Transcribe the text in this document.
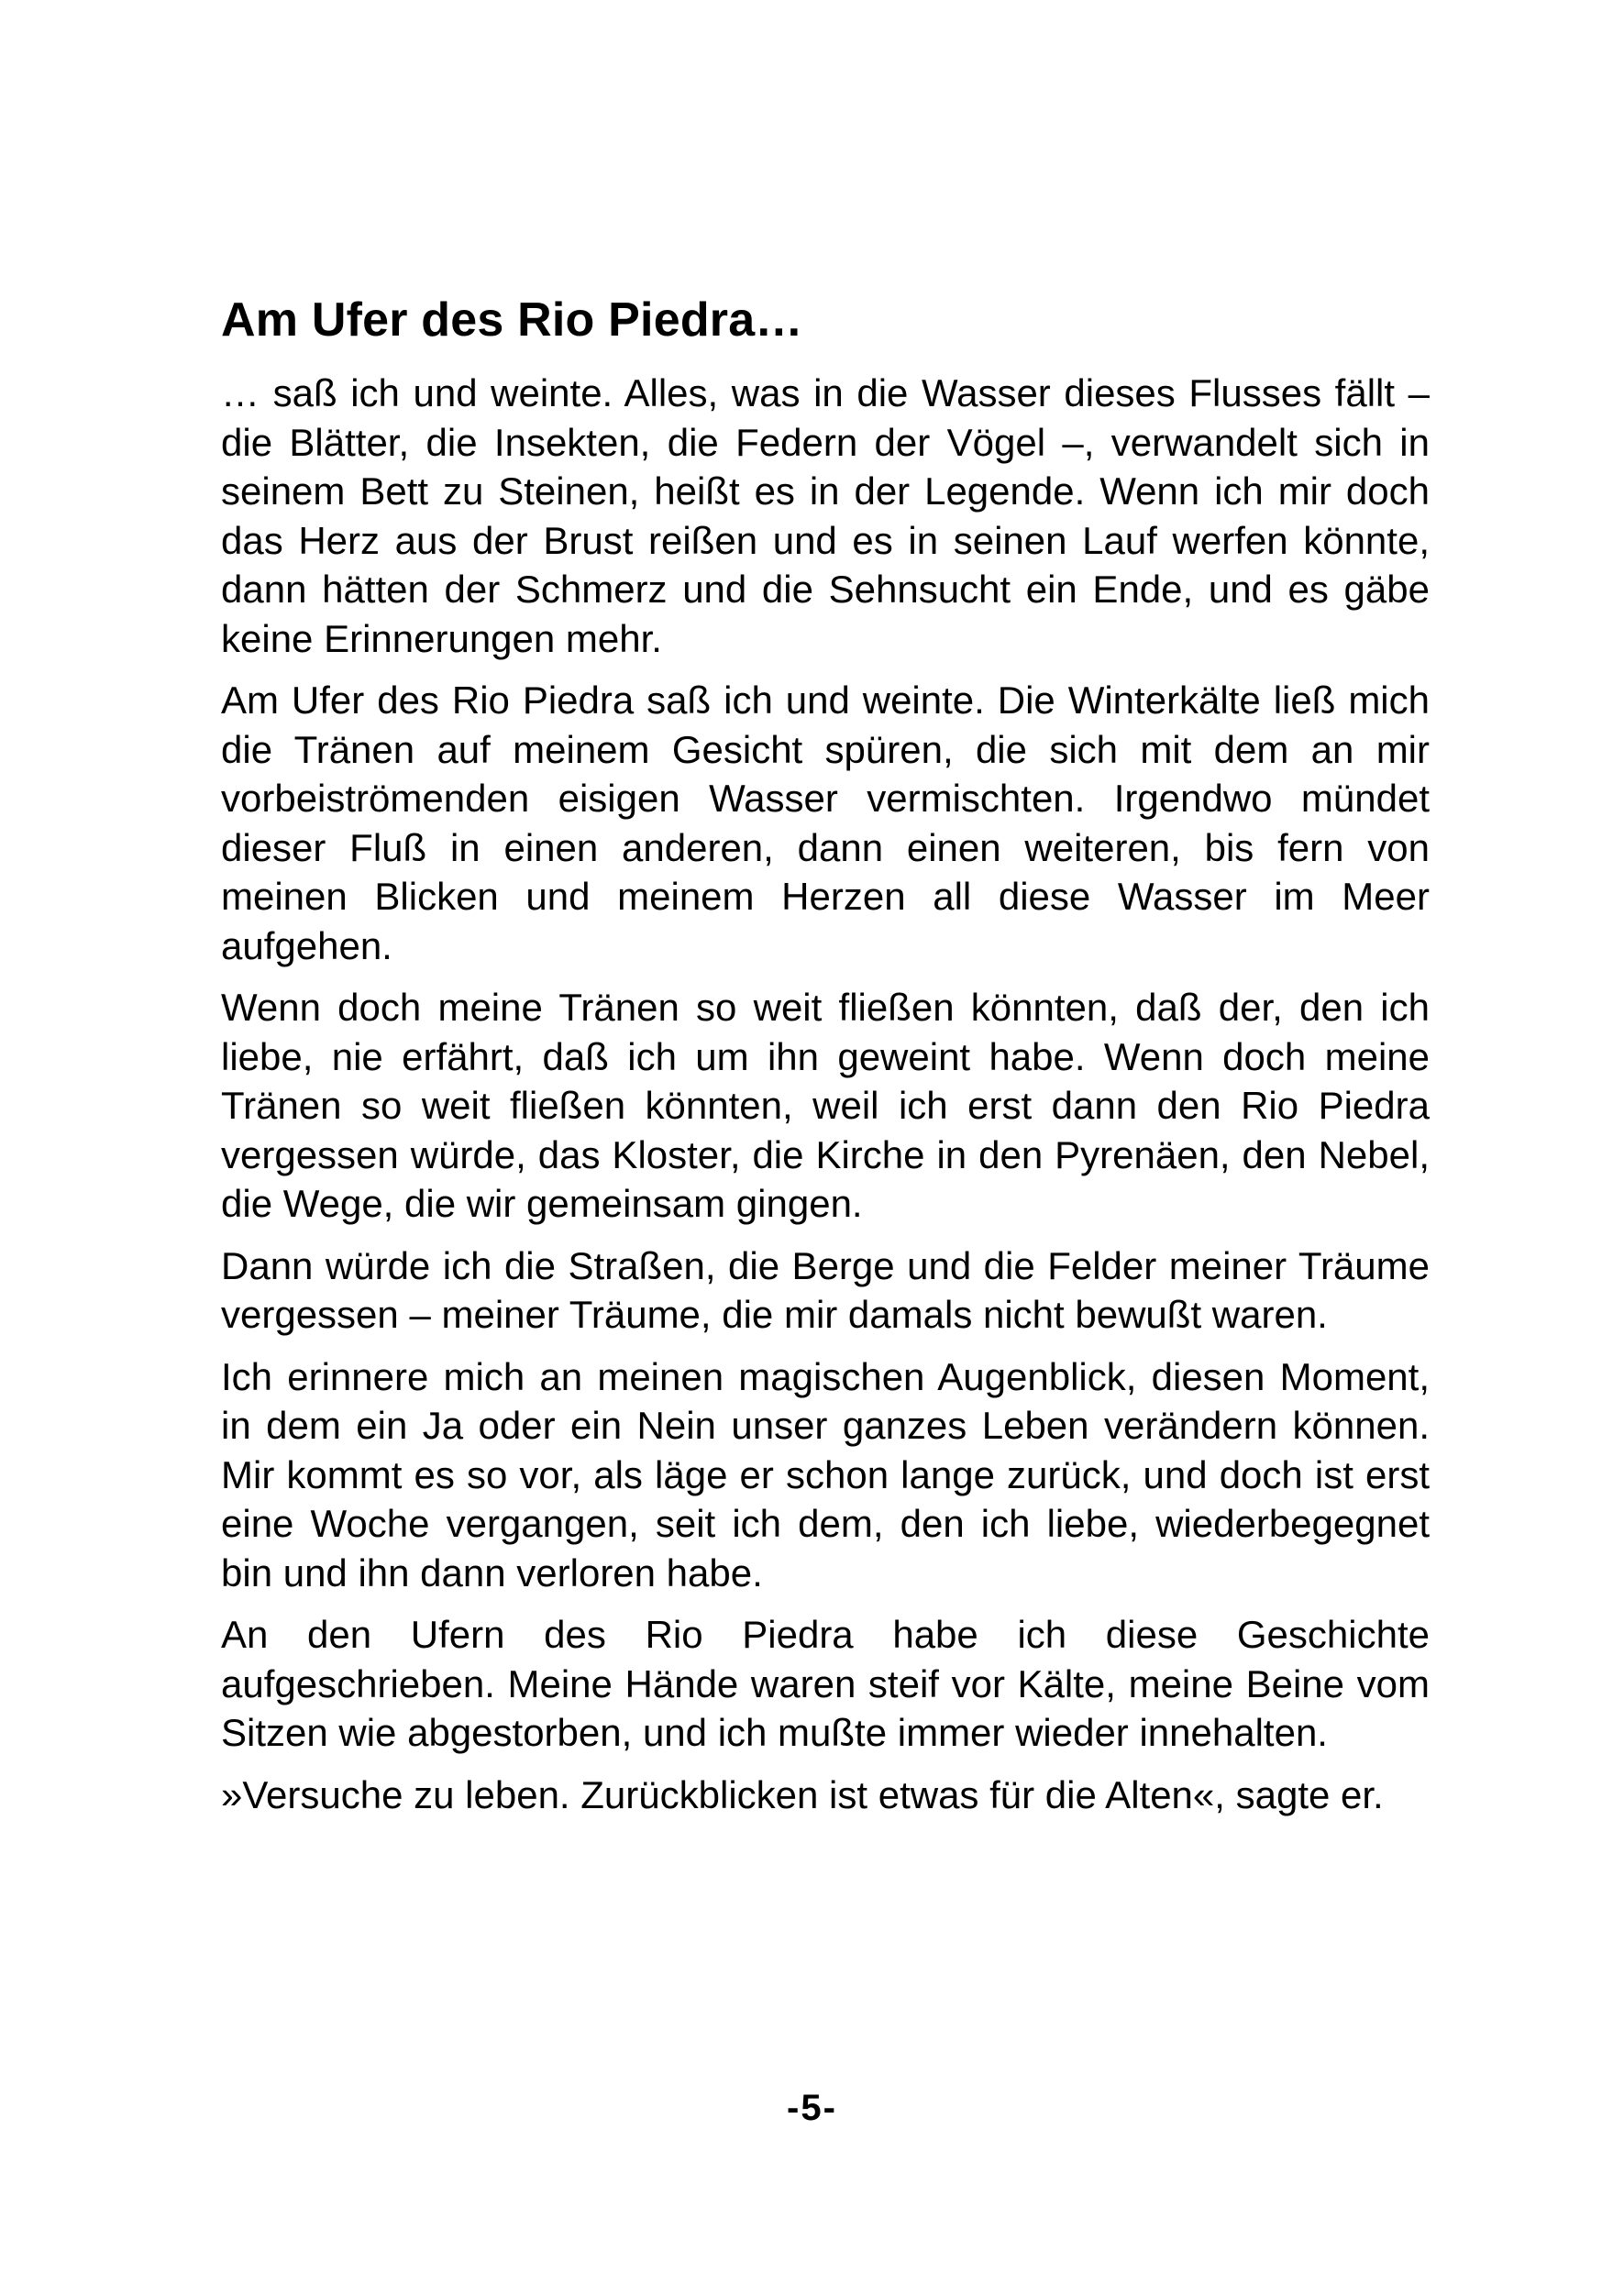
Am Ufer des Rio Piedra…

… saß ich und weinte. Alles, was in die Wasser dieses Flusses fällt – die Blätter, die Insekten, die Federn der Vögel –, verwandelt sich in seinem Bett zu Steinen, heißt es in der Legende. Wenn ich mir doch das Herz aus der Brust reißen und es in seinen Lauf werfen könnte, dann hätten der Schmerz und die Sehnsucht ein Ende, und es gäbe keine Erinnerungen mehr.

Am Ufer des Rio Piedra saß ich und weinte. Die Winterkälte ließ mich die Tränen auf meinem Gesicht spüren, die sich mit dem an mir vorbeiströmenden eisigen Wasser vermischten. Irgendwo mündet dieser Fluß in einen anderen, dann einen weiteren, bis fern von meinen Blicken und meinem Herzen all diese Wasser im Meer aufgehen.

Wenn doch meine Tränen so weit fließen könnten, daß der, den ich liebe, nie erfährt, daß ich um ihn geweint habe. Wenn doch meine Tränen so weit fließen könnten, weil ich erst dann den Rio Piedra vergessen würde, das Kloster, die Kirche in den Pyrenäen, den Nebel, die Wege, die wir gemeinsam gingen.

Dann würde ich die Straßen, die Berge und die Felder meiner Träume vergessen – meiner Träume, die mir damals nicht bewußt waren.

Ich erinnere mich an meinen magischen Augenblick, diesen Moment, in dem ein Ja oder ein Nein unser ganzes Leben verändern können. Mir kommt es so vor, als läge er schon lange zurück, und doch ist erst eine Woche vergangen, seit ich dem, den ich liebe, wiederbegegnet bin und ihn dann verloren habe.

An den Ufern des Rio Piedra habe ich diese Geschichte aufgeschrieben. Meine Hände waren steif vor Kälte, meine Beine vom Sitzen wie abgestorben, und ich mußte immer wieder innehalten.

»Versuche zu leben. Zurückblicken ist etwas für die Alten«, sagte er.

-5-
